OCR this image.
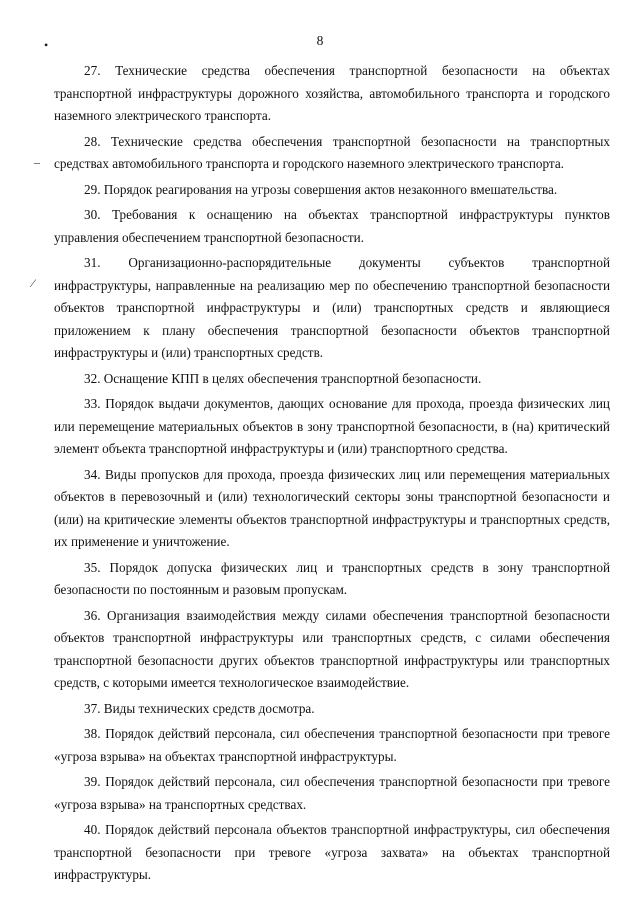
8
•
–
⁄

27. Технические средства обеспечения транспортной безопасности на объектах транспортной инфраструктуры дорожного хозяйства, автомобильного транспорта и городского наземного электрического транспорта.

28. Технические средства обеспечения транспортной безопасности на транспортных средствах автомобильного транспорта и городского наземного электрического транспорта.

29. Порядок реагирования на угрозы совершения актов незаконного вмешательства.

30. Требования к оснащению на объектах транспортной инфраструктуры пунктов управления обеспечением транспортной безопасности.

31. Организационно-распорядительные документы субъектов транспортной инфраструктуры, направленные на реализацию мер по обеспечению транспортной безопасности объектов транспортной инфраструктуры и (или) транспортных средств и являющиеся приложением к плану обеспечения транспортной безопасности объектов транспортной инфраструктуры и (или) транспортных средств.

32. Оснащение КПП в целях обеспечения транспортной безопасности.

33. Порядок выдачи документов, дающих основание для прохода, проезда физических лиц или перемещение материальных объектов в зону транспортной безопасности, в (на) критический элемент объекта транспортной инфраструктуры и (или) транспортного средства.

34. Виды пропусков для прохода, проезда физических лиц или перемещения материальных объектов в перевозочный и (или) технологический секторы зоны транспортной безопасности и (или) на критические элементы объектов транспортной инфраструктуры и транспортных средств, их применение и уничтожение.

35. Порядок допуска физических лиц и транспортных средств в зону транспортной безопасности по постоянным и разовым пропускам.

36. Организация взаимодействия между силами обеспечения транспортной безопасности объектов транспортной инфраструктуры или транспортных средств, с силами обеспечения транспортной безопасности других объектов транспортной инфраструктуры или транспортных средств, с которыми имеется технологическое взаимодействие.

37. Виды технических средств досмотра.

38. Порядок действий персонала, сил обеспечения транспортной безопасности при тревоге «угроза взрыва» на объектах транспортной инфраструктуры.

39. Порядок действий персонала, сил обеспечения транспортной безопасности при тревоге «угроза взрыва» на транспортных средствах.

40. Порядок действий персонала объектов транспортной инфраструктуры, сил обеспечения транспортной безопасности при тревоге «угроза захвата» на объектах транспортной инфраструктуры.
